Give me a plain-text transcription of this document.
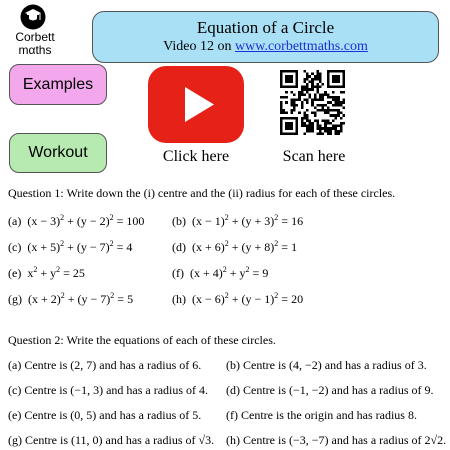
Corbett
mαths
Equation of a Circle
Video 12 on www.corbettmaths.com
Examples
Workout	Click here	Scan here
Question 1: Write down the (i) centre and the (ii) radius for each of these circles.
(a)  $(x - 3)^2 + (y - 2)^2 = 100$ (b)  $(x - 1)^2 + (y + 3)^2 = 16$
(c)  $(x + 5)^2 + (y - 7)^2 = 4$	(d)  $(x + 6)^2 + (y + 8)^2 = 1$
(e)  $x^2 + y^2 = 25$	(f)  $(x + 4)^2 + y^2 = 9$
(g)  $(x + 2)^2 + (y - 7)^2 = 5$	(h)  $(x - 6)^2 + (y - 1)^2 = 20$
Question 2: Write the equations of each of these circles.
(a) Centre is (2, 7) and has a radius of 6. (b) Centre is (4, −2) and has a radius of 3.
(c) Centre is (−1, 3) and has a radius of 4. (d) Centre is (−1, −2) and has a radius of 9.
(e) Centre is (0, 5) and has a radius of 5. (f) Centre is the origin and has radius 8.
(g) Centre is (11, 0) and has a radius of √3. (h) Centre is (−3, −7) and has a radius of 2√2.
